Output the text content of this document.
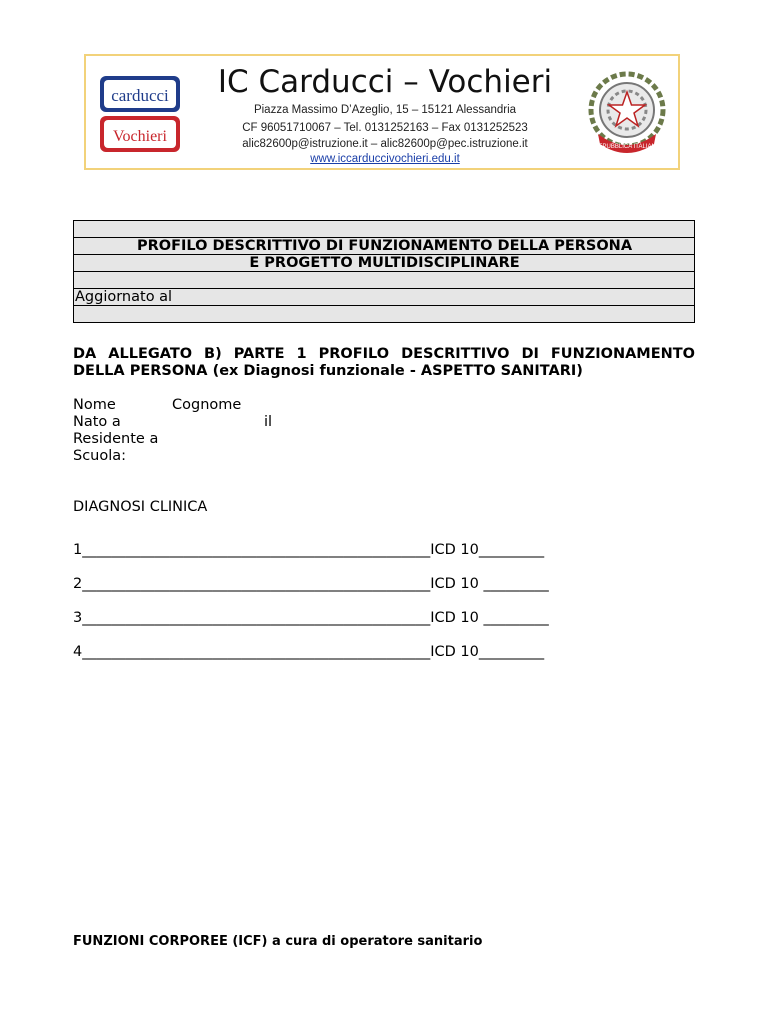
carducci
Vochieri
IC Carducci – Vochieri
Piazza Massimo D’Azeglio, 15 – 15121 Alessandria
CF 96051710067 – Tel. 0131252163 – Fax 0131252523
alic82600p@istruzione.it – alic82600p@pec.istruzione.it
www.iccarduccivochieri.edu.it
REPUBBLICA ITALIANA

PROFILO DESCRITTIVO DI FUNZIONAMENTO DELLA PERSONA
E PROGETTO MULTIDISCIPLINARE

Aggiornato al

DA ALLEGATO B) PARTE 1 PROFILO DESCRITTIVO DI FUNZIONAMENTO
DELLA PERSONA (ex Diagnosi funzionale - ASPETTO SANITARI)
Nome	Cognome
Nato a	il
Residente a
Scuola:
DIAGNOSI CLINICA
1________________________________________________ICD 10_________
2________________________________________________ICD 10 _________
3________________________________________________ICD 10 _________
4________________________________________________ICD 10_________
FUNZIONI CORPOREE (ICF) a cura di operatore sanitario
